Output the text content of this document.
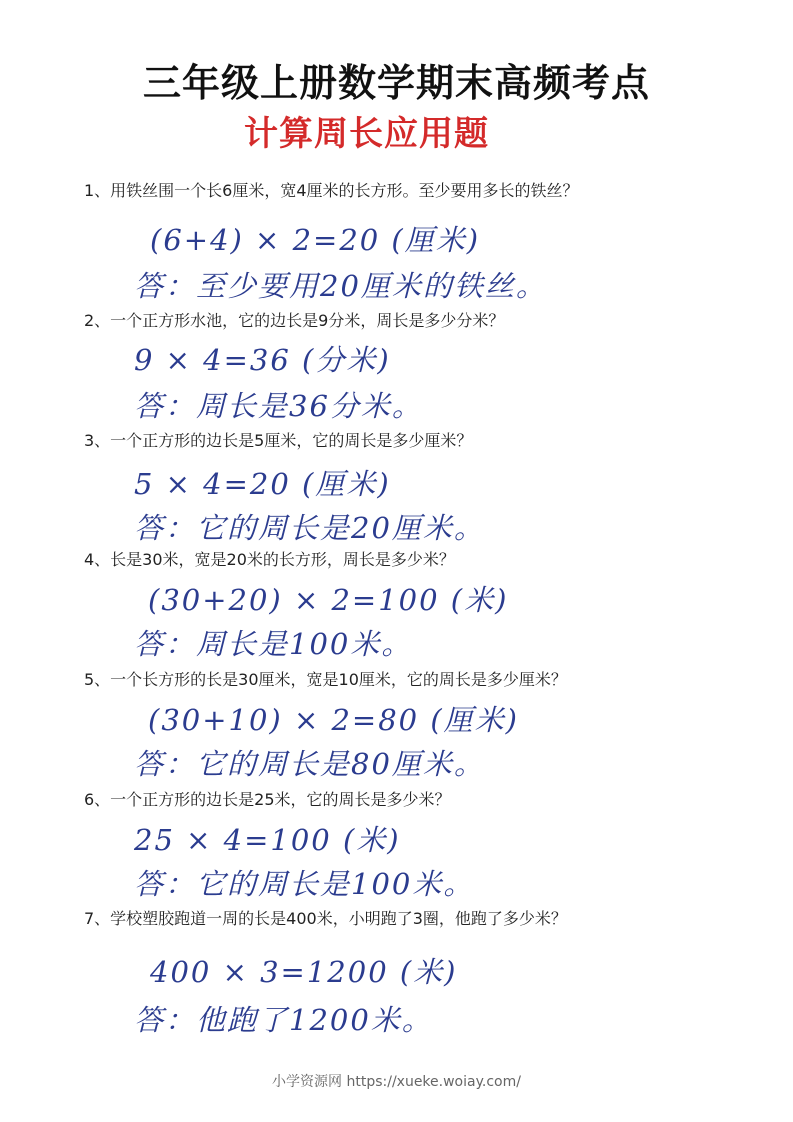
三年级上册数学期末高频考点
计算周长应用题
1、用铁丝围一个长6厘米，宽4厘米的长方形。至少要用多长的铁丝？
(6+4) × 2=20 (厘米)
答：至少要用20厘米的铁丝。
2、一个正方形水池，它的边长是9分米，周长是多少分米？
9 × 4=36 (分米)
答：周长是36分米。
3、一个正方形的边长是5厘米，它的周长是多少厘米？
5 × 4=20 (厘米)
答：它的周长是20厘米。
4、长是30米，宽是20米的长方形，周长是多少米？
(30+20) × 2=100 (米)
答：周长是100米。
5、一个长方形的长是30厘米，宽是10厘米，它的周长是多少厘米？
(30+10) × 2=80 (厘米)
答：它的周长是80厘米。
6、一个正方形的边长是25米，它的周长是多少米？
25 × 4=100 (米)
答：它的周长是100米。
7、学校塑胶跑道一周的长是400米，小明跑了3圈，他跑了多少米？
400 × 3=1200 (米)
答：他跑了1200米。
小学资源网 https://xueke.woiay.com/
